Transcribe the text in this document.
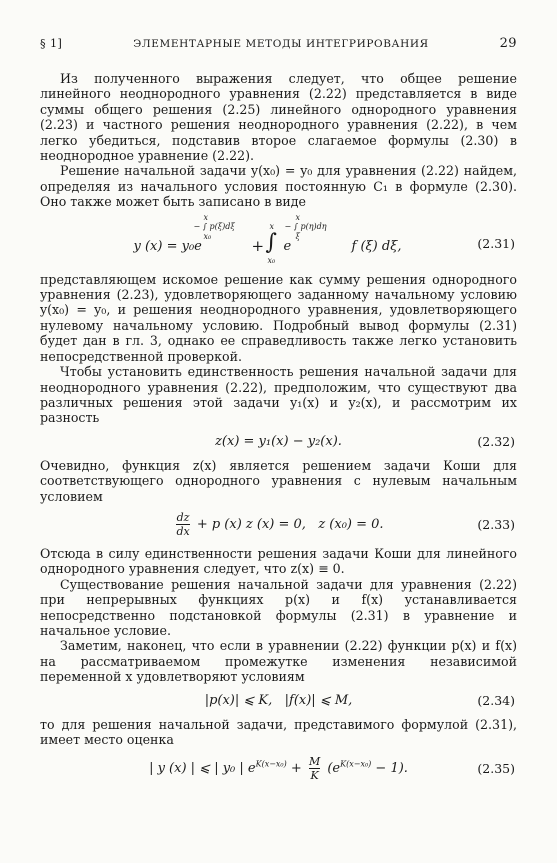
§ 1]	ЭЛЕМЕНТАРНЫЕ МЕТОДЫ ИНТЕГРИРОВАНИЯ	29

Из полученного выражения следует, что общее решение линейного неоднородного уравнения (2.22) представляется в виде суммы общего решения (2.25) линейного однородного уравнения (2.23) и частного решения неоднородного уравнения (2.22), в чем легко убедиться, подставив второе слагаемое формулы (2.30) в неоднородное уравнение (2.22).

Решение начальной задачи y(x₀) = y₀ для уравнения (2.22) найдем, определяя из начального условия постоянную C₁ в формуле (2.30). Оно также может быть записано в виде

y (x) = y₀e
x
− ∫ p(ξ)dξ
x₀
+
x
∫
x₀
e
x
− ∫ p(η)dη
ξ
f (ξ) dξ,	(2.31)

представляющем искомое решение как сумму решения однородного уравнения (2.23), удовлетворяющего заданному начальному условию y(x₀) = y₀, и решения неоднородного уравнения, удовлетворяющего нулевому начальному условию. Подробный вывод формулы (2.31) будет дан в гл. 3, однако ее справедливость также легко установить непосредственной проверкой.

Чтобы установить единственность решения начальной задачи для неоднородного уравнения (2.22), предположим, что существуют два различных решения этой задачи y₁(x) и y₂(x), и рассмотрим их разность

z(x) = y₁(x) − y₂(x).	(2.32)

Очевидно, функция z(x) является решением задачи Коши для соответствующего однородного уравнения с нулевым начальным условием

$\frac{dz}{dx} + p$ (x) z (x) = 0,   z (x₀) = 0.	(2.33)

Отсюда в силу единственности решения задачи Коши для линейного однородного уравнения следует, что z(x) ≡ 0.

Существование решения начальной задачи для уравнения (2.22) при непрерывных функциях p(x) и f(x) устанавливается непосредственно подстановкой формулы (2.31) в уравнение и начальное условие.

Заметим, наконец, что если в уравнении (2.22) функции p(x) и f(x) на рассматриваемом промежутке изменения независимой переменной x удовлетворяют условиям

|p(x)| ⩽ K,   |f(x)| ⩽ M,	(2.34)

то для решения начальной задачи, представимого формулой (2.31), имеет место оценка

| y (x) | ⩽ | y₀ | $e^{K(x-x_0)} + \frac{M}{K} (e^{K(x-x_0)} - 1)$.	(2.35)
